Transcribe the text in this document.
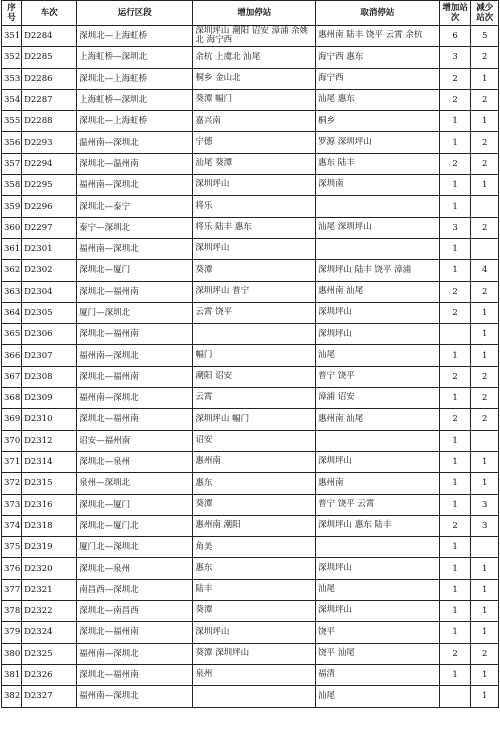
序号	车次	运行区段	增加停站	取消停站	增加站次	减少站次
351	D2284	深圳北—上海虹桥	深圳坪山 潮阳 诏安 漳浦 余姚北 海宁西	惠州南 陆丰 饶平 云霄 余杭	6	5
352	D2285	上海虹桥—深圳北	余杭 上虞北 汕尾	海宁西 惠东	3	2
353	D2286	深圳北—上海虹桥	桐乡 金山北	海宁西	2	1
354	D2287	上海虹桥—深圳北	葵潭 幅门	汕尾 惠东	2	2
355	D2288	深圳北—上海虹桥	嘉兴南	桐乡	1	1
356	D2293	温州南—深圳北	宁德	罗源 深圳坪山	1	2
357	D2294	深圳北—温州南	汕尾 葵潭	惠东 陆丰	2	2
358	D2295	福州南—深圳北	深圳坪山	深圳南	1	1
359	D2296	深圳北—泰宁	将乐		1	
360	D2297	泰宁—深圳北	将乐 陆丰 惠东	汕尾 深圳坪山	3	2
361	D2301	福州南—深圳北	深圳坪山		1	
362	D2302	深圳北—厦门	葵潭	深圳坪山 陆丰 饶平 漳浦	1	4
363	D2304	深圳北—福州南	深圳坪山 普宁	惠州南 汕尾	2	2
364	D2305	厦门—深圳北	云霄 饶平	深圳坪山	2	1
365	D2306	深圳北—福州南		深圳坪山		1
366	D2307	福州南—深圳北	幅门	汕尾	1	1
367	D2308	深圳北—福州南	潮阳 诏安	普宁 饶平	2	2
368	D2309	福州南—深圳北	云霄	漳浦 诏安	1	2
369	D2310	深圳北—福州南	深圳坪山 幅门	惠州南 汕尾	2	2
370	D2312	诏安—福州南	诏安		1	
371	D2314	深圳北—泉州	惠州南	深圳坪山	1	1
372	D2315	泉州—深圳北	惠东	惠州南	1	1
373	D2316	深圳北—厦门	葵潭	普宁 饶平 云霄	1	3
374	D2318	深圳北—厦门北	惠州南 潮阳	深圳坪山 惠东 陆丰	2	3
375	D2319	厦门北—深圳北	角美		1	
376	D2320	深圳北—泉州	惠东	深圳坪山	1	1
377	D2321	南昌西—深圳北	陆丰	汕尾	1	1
378	D2322	深圳北—南昌西	葵潭	深圳坪山	1	1
379	D2324	深圳北—福州南	深圳坪山	饶平	1	1
380	D2325	福州南—深圳北	葵潭 深圳坪山	饶平 汕尾	2	2
381	D2326	深圳北—福州南	泉州	福清	1	1
382	D2327	福州南—深圳北		汕尾		1
